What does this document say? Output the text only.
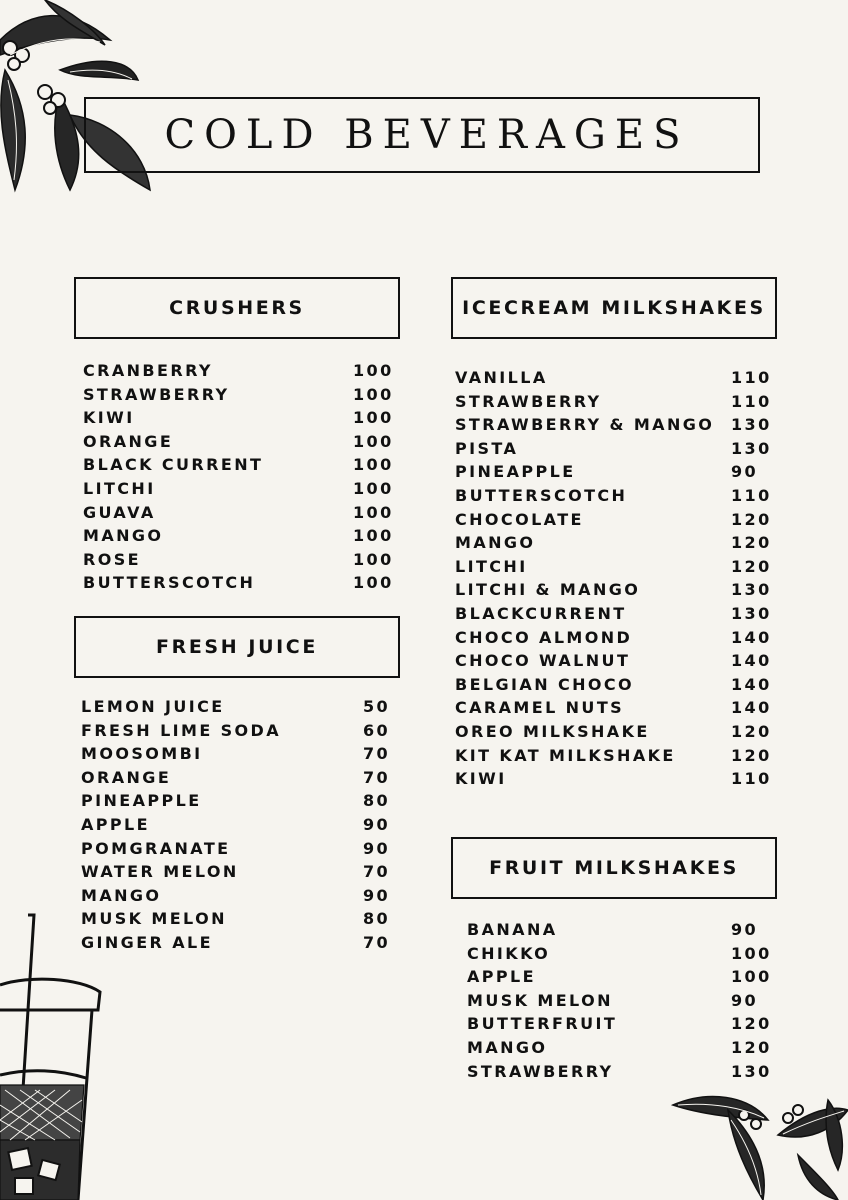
COLD BEVERAGES
CRUSHERS
CRANBERRY	100
STRAWBERRY	100
KIWI	100
ORANGE	100
BLACK CURRENT	100
LITCHI	100
GUAVA	100
MANGO	100
ROSE	100
BUTTERSCOTCH	100
FRESH JUICE
LEMON JUICE	50
FRESH LIME SODA	60
MOOSOMBI	70
ORANGE	70
PINEAPPLE	80
APPLE	90
POMGRANATE	90
WATER MELON	70
MANGO	90
MUSK MELON	80
GINGER ALE	70
ICECREAM MILKSHAKES
VANILLA	110
STRAWBERRY	110
STRAWBERRY & MANGO 130
PISTA	130
PINEAPPLE	90
BUTTERSCOTCH	110
CHOCOLATE	120
MANGO	120
LITCHI	120
LITCHI & MANGO	130
BLACKCURRENT	130
CHOCO ALMOND	140
CHOCO WALNUT	140
BELGIAN CHOCO	140
CARAMEL NUTS	140
OREO MILKSHAKE	120
KIT KAT MILKSHAKE	120
KIWI	110
FRUIT MILKSHAKES
BANANA	90
CHIKKO	100
APPLE	100
MUSK MELON	90
BUTTERFRUIT	120
MANGO	120
STRAWBERRY	130
